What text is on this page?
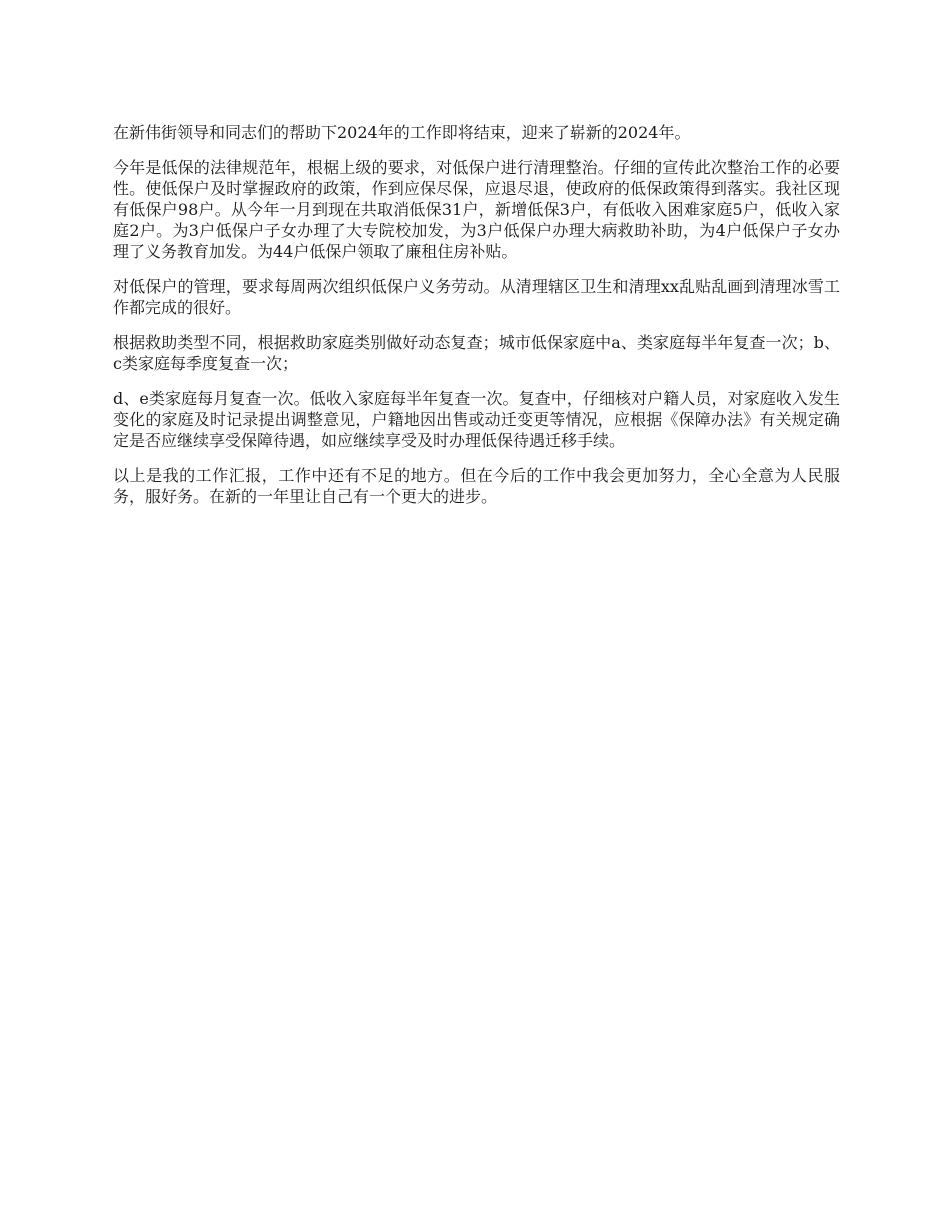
在新伟街领导和同志们的帮助下2024年的工作即将结束，迎来了崭新的2024年。

今年是低保的法律规范年，根椐上级的要求，对低保户进行清理整治。仔细的宣传此次整治工作的必要性。使低保户及时掌握政府的政策，作到应保尽保，应退尽退，使政府的低保政策得到落实。我社区现有低保户98户。从今年一月到现在共取消低保31户，新增低保3户，有低收入困难家庭5户，低收入家庭2户。为3户低保户子女办理了大专院校加发，为3户低保户办理大病救助补助，为4户低保户子女办理了义务教育加发。为44户低保户领取了廉租住房补贴。

对低保户的管理，要求每周两次组织低保户义务劳动。从清理辖区卫生和清理xx乱贴乱画到清理冰雪工作都完成的很好。

根据救助类型不同，根据救助家庭类别做好动态复查；城市低保家庭中a、类家庭每半年复查一次；b、c类家庭每季度复查一次；

d、e类家庭每月复查一次。低收入家庭每半年复查一次。复查中，仔细核对户籍人员，对家庭收入发生变化的家庭及时记录提出调整意见，户籍地因出售或动迁变更等情况，应根据《保障办法》有关规定确定是否应继续享受保障待遇，如应继续享受及时办理低保待遇迁移手续。

以上是我的工作汇报，工作中还有不足的地方。但在今后的工作中我会更加努力，全心全意为人民服务，服好务。在新的一年里让自己有一个更大的进步。
